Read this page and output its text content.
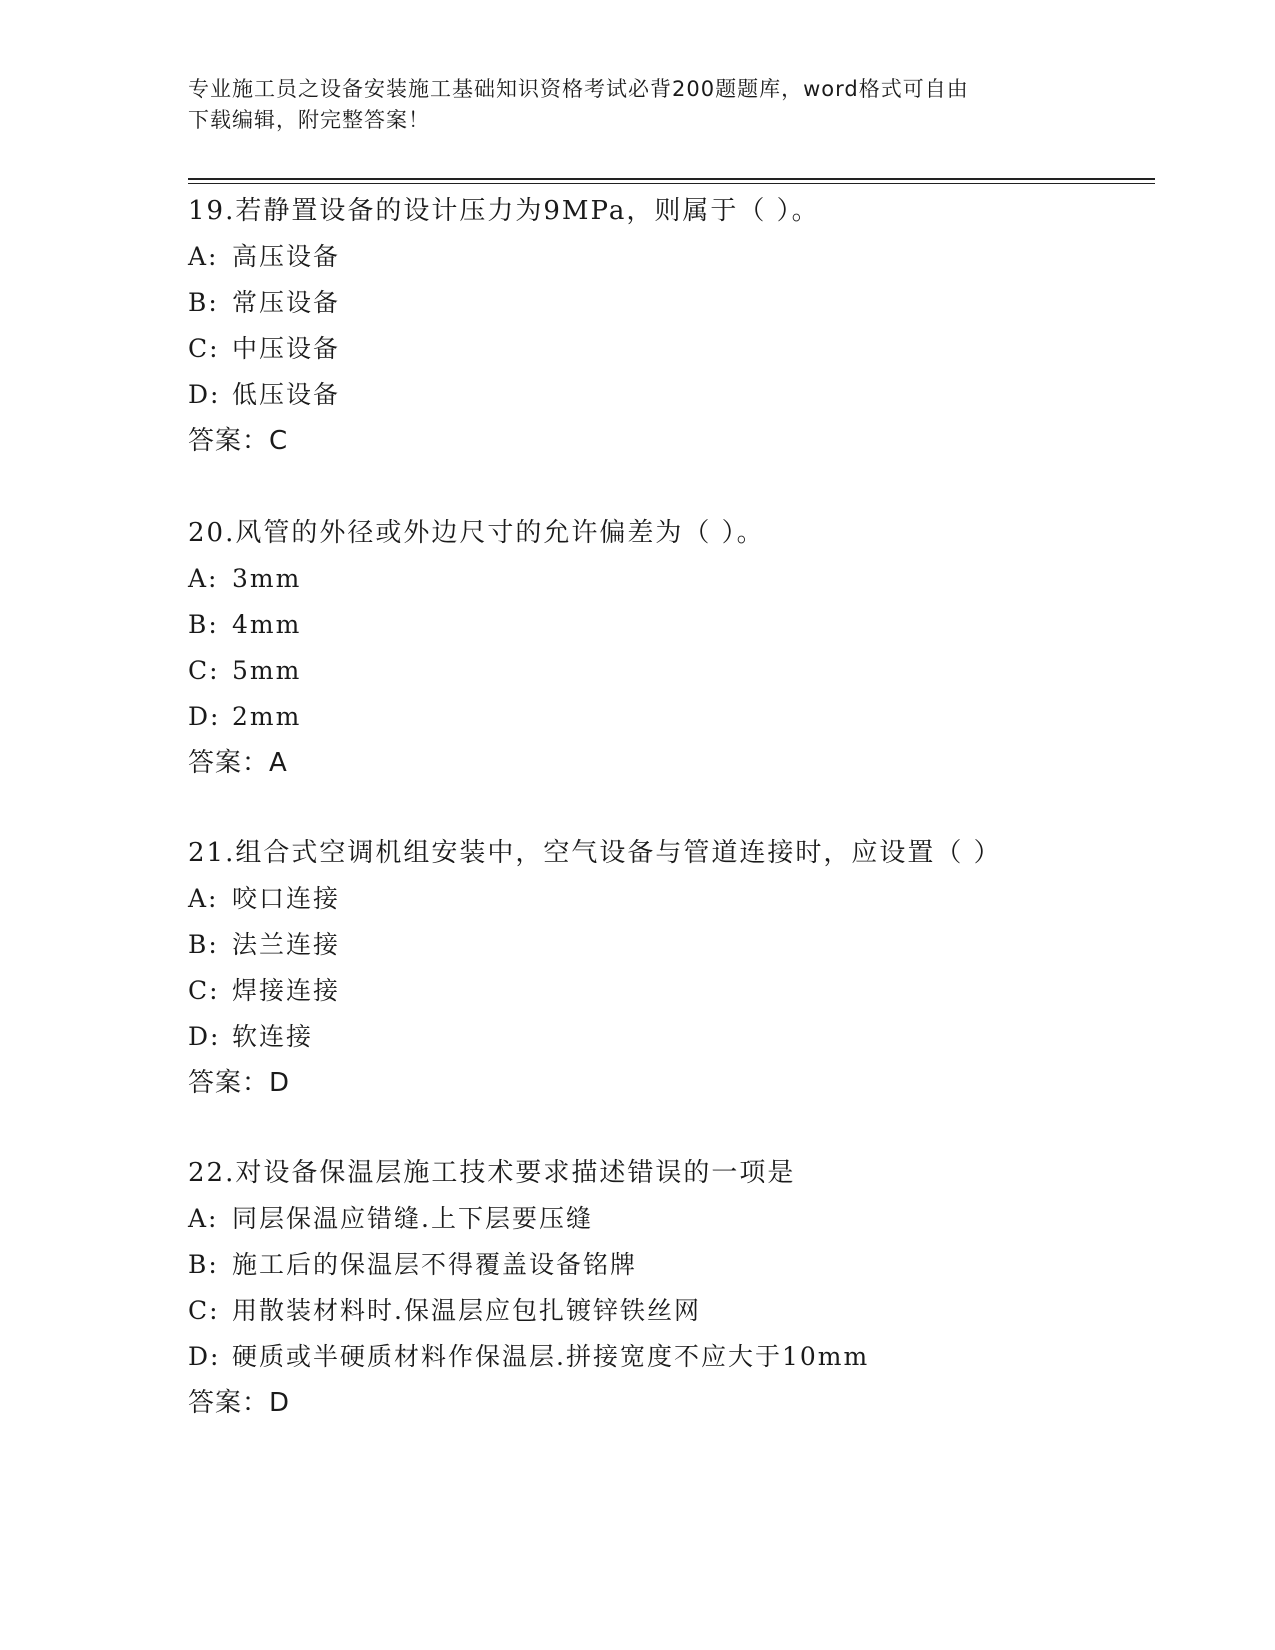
专业施工员之设备安装施工基础知识资格考试必背200题题库，word格式可自由
下载编辑，附完整答案！
19.若静置设备的设计压力为9MPa，则属于（ ）。
A: 高压设备
B: 常压设备
C: 中压设备
D: 低压设备
答案：C
20.风管的外径或外边尺寸的允许偏差为（ ）。
A: 3mm
B: 4mm
C: 5mm
D: 2mm
答案：A
21.组合式空调机组安装中，空气设备与管道连接时，应设置（ ）
A: 咬口连接
B: 法兰连接
C: 焊接连接
D: 软连接
答案：D
22.对设备保温层施工技术要求描述错误的一项是
A: 同层保温应错缝.上下层要压缝
B: 施工后的保温层不得覆盖设备铭牌
C: 用散装材料时.保温层应包扎镀锌铁丝网
D: 硬质或半硬质材料作保温层.拼接宽度不应大于10mm
答案：D
